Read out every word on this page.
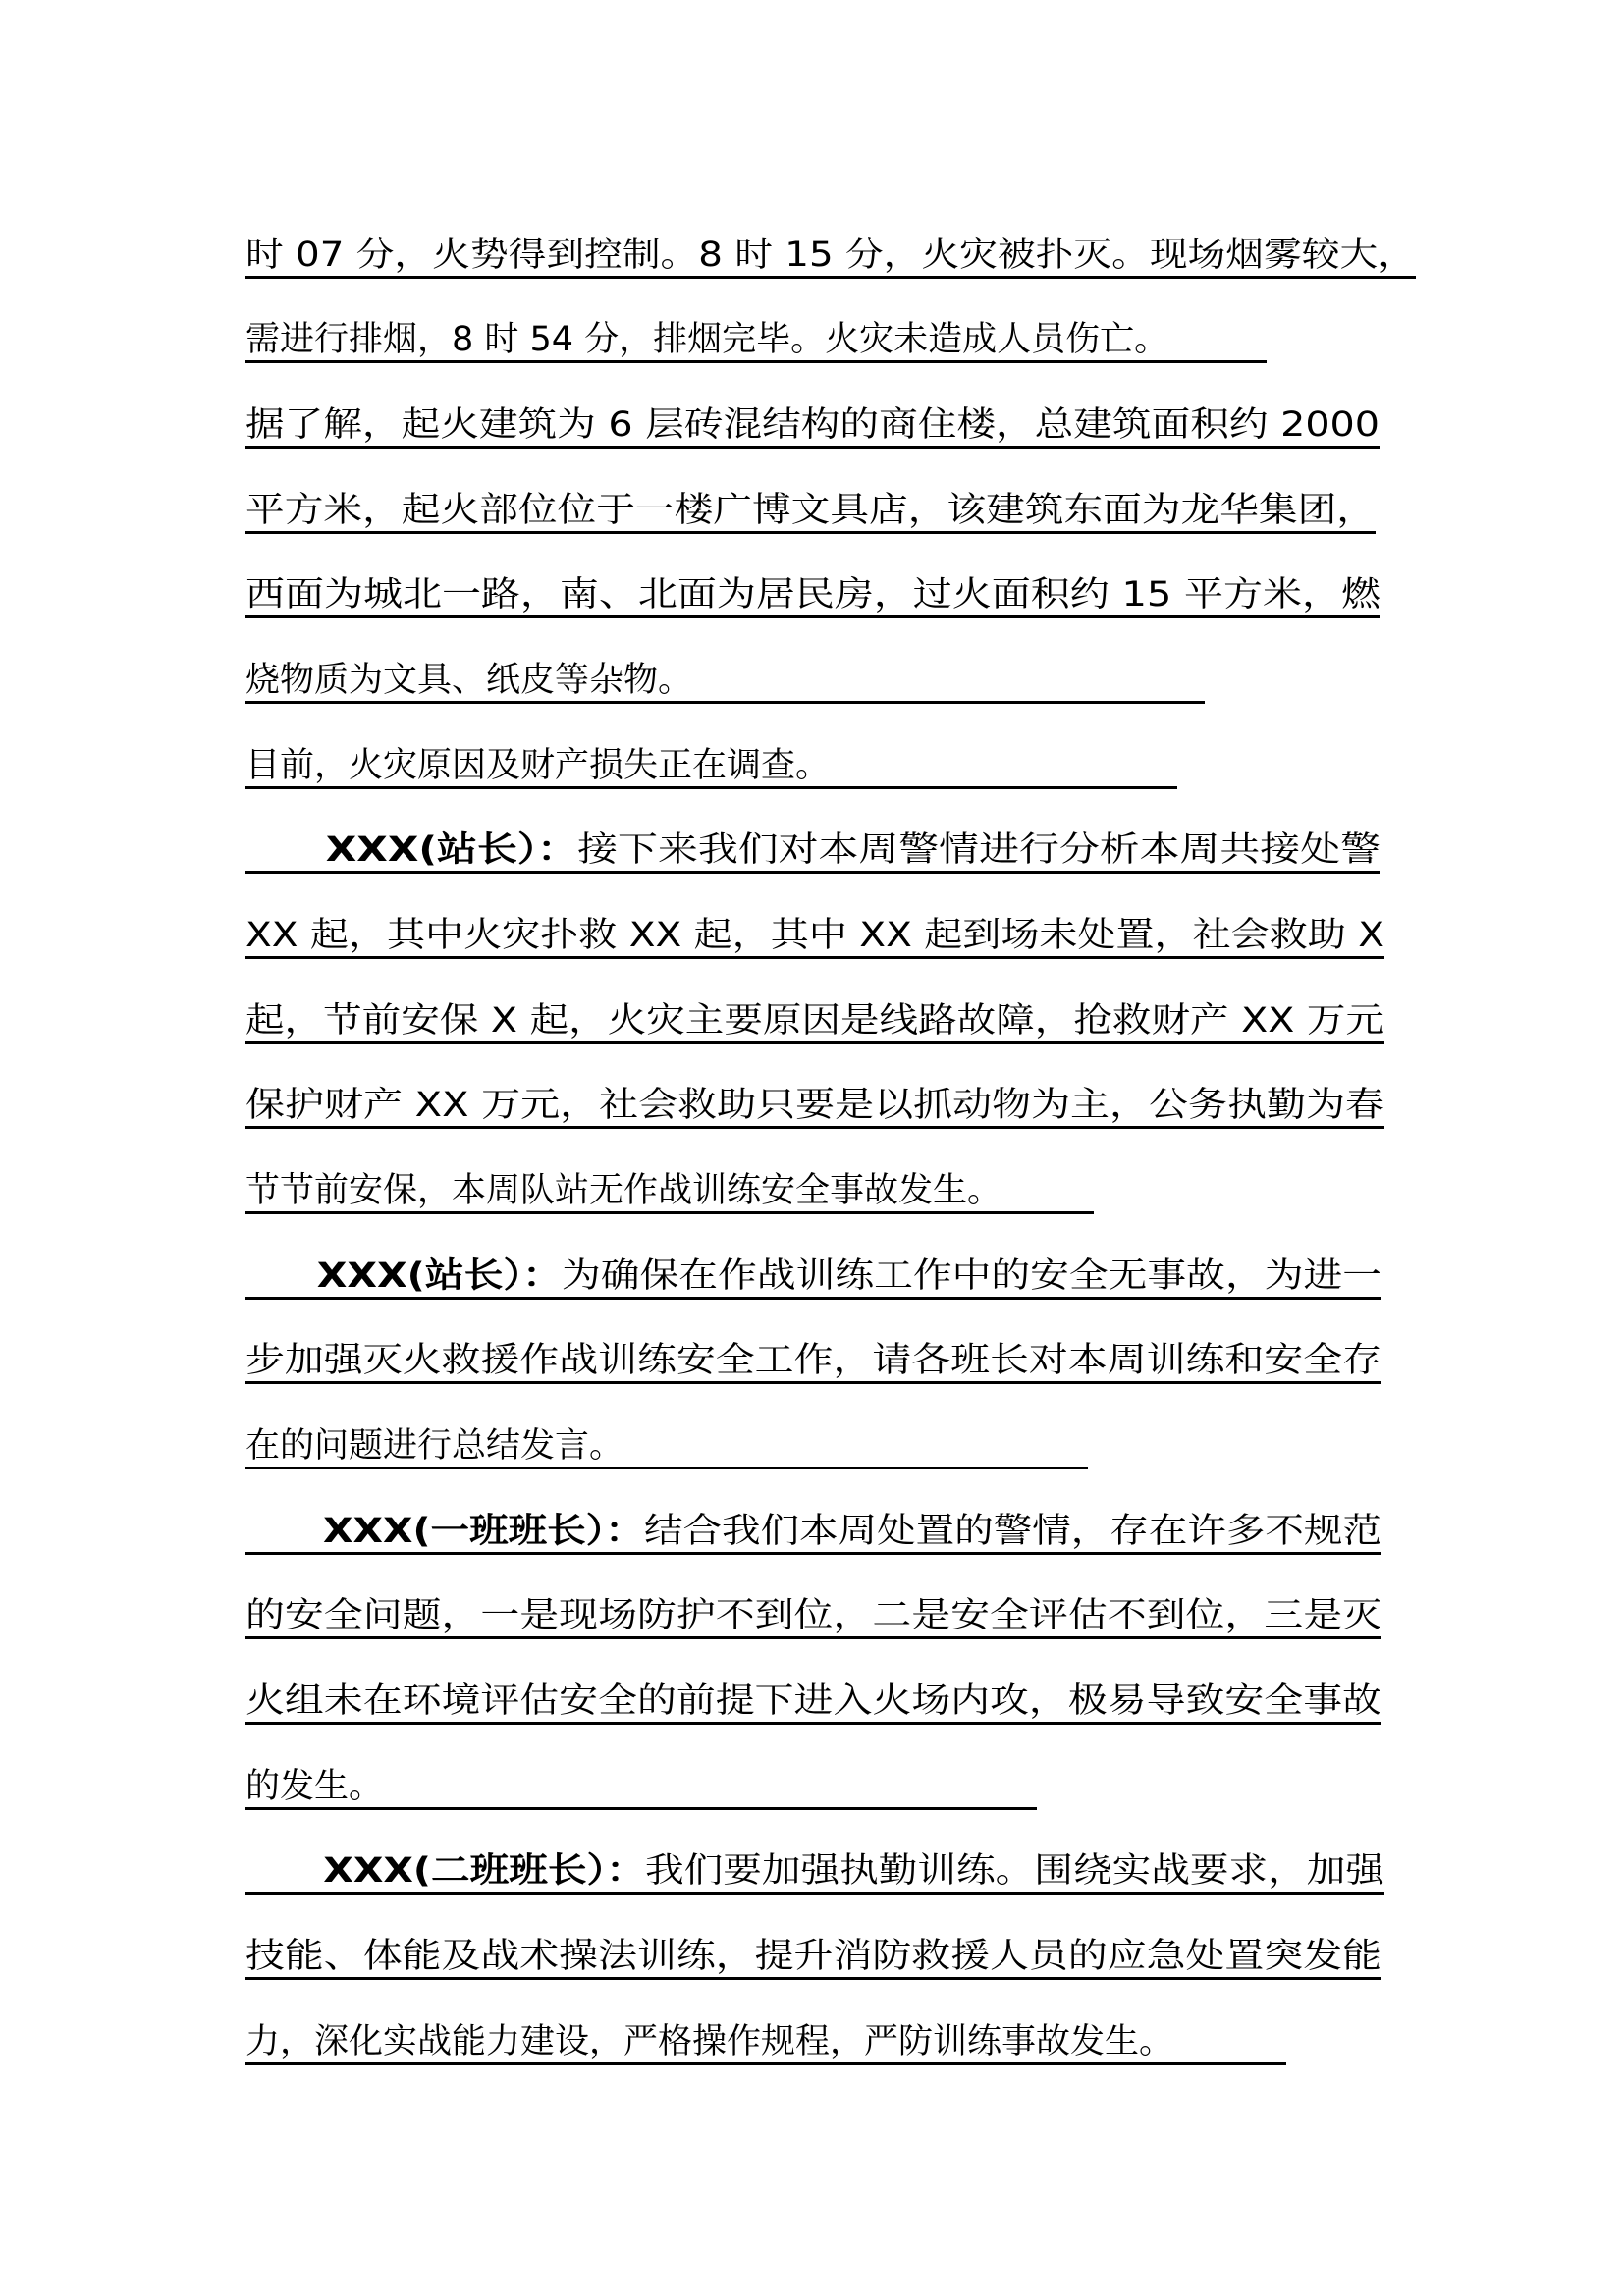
时 07 分，火势得到控制。8 时 15 分，火灾被扑灭。现场烟雾较大，
需进行排烟，8 时 54 分，排烟完毕。火灾未造成人员伤亡。
据了解，起火建筑为 6 层砖混结构的商住楼，总建筑面积约 2000
平方米，起火部位位于一楼广博文具店，该建筑东面为龙华集团，
西面为城北一路，南、北面为居民房，过火面积约 15 平方米，燃
烧物质为文具、纸皮等杂物。
目前，火灾原因及财产损失正在调查。
XXX(站长）：接下来我们对本周警情进行分析本周共接处警
XX 起，其中火灾扑救 XX 起，其中 XX 起到场未处置，社会救助 X
起，节前安保 X 起，火灾主要原因是线路故障，抢救财产 XX 万元
保护财产 XX 万元，社会救助只要是以抓动物为主，公务执勤为春
节节前安保，本周队站无作战训练安全事故发生。
XXX(站长）：为确保在作战训练工作中的安全无事故，为进一
步加强灭火救援作战训练安全工作，请各班长对本周训练和安全存
在的问题进行总结发言。
XXX(一班班长）：结合我们本周处置的警情，存在许多不规范
的安全问题，一是现场防护不到位，二是安全评估不到位，三是灭
火组未在环境评估安全的前提下进入火场内攻，极易导致安全事故
的发生。
XXX(二班班长）：我们要加强执勤训练。围绕实战要求，加强
技能、体能及战术操法训练，提升消防救援人员的应急处置突发能
力，深化实战能力建设，严格操作规程，严防训练事故发生。
